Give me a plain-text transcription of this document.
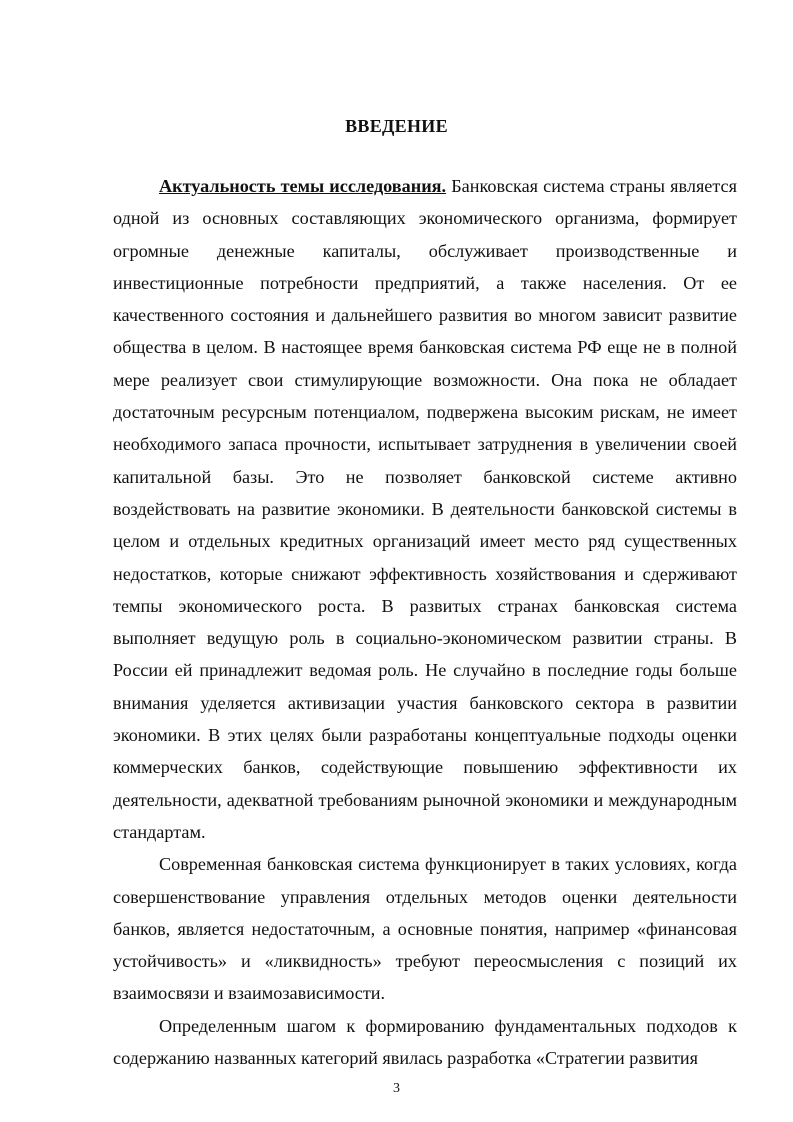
ВВЕДЕНИЕ

Актуальность темы исследования. Банковская система страны является одной из основных составляющих экономического организма, формирует огромные денежные капиталы, обслуживает производственные и инвестиционные потребности предприятий, а также населения. От ее качественного состояния и дальнейшего развития во многом зависит развитие общества в целом. В настоящее время банковская система РФ еще не в полной мере реализует свои стимулирующие возможности. Она пока не обладает достаточным ресурсным потенциалом, подвержена высоким рискам, не имеет необходимого запаса прочности, испытывает затруднения в увеличении своей капитальной базы. Это не позволяет банковской системе активно воздействовать на развитие экономики. В деятельности банковской системы в целом и отдельных кредитных организаций имеет место ряд существенных недостатков, которые снижают эффективность хозяйствования и сдерживают темпы экономического роста. В развитых странах банковская система выполняет ведущую роль в социально-экономическом развитии страны. В России ей принадлежит ведомая роль. Не случайно в последние годы больше внимания уделяется активизации участия банковского сектора в развитии экономики. В этих целях были разработаны концептуальные подходы оценки коммерческих банков, содействующие повышению эффективности их деятельности, адекватной требованиям рыночной экономики и международным стандартам.

Современная банковская система функционирует в таких условиях, когда совершенствование управления отдельных методов оценки деятельности банков, является недостаточным, а основные понятия, например «финансовая устойчивость» и «ликвидность» требуют переосмысления с позиций их взаимосвязи и взаимозависимости.

Определенным шагом к формированию фундаментальных подходов к содержанию названных категорий явилась разработка «Стратегии развития

3
